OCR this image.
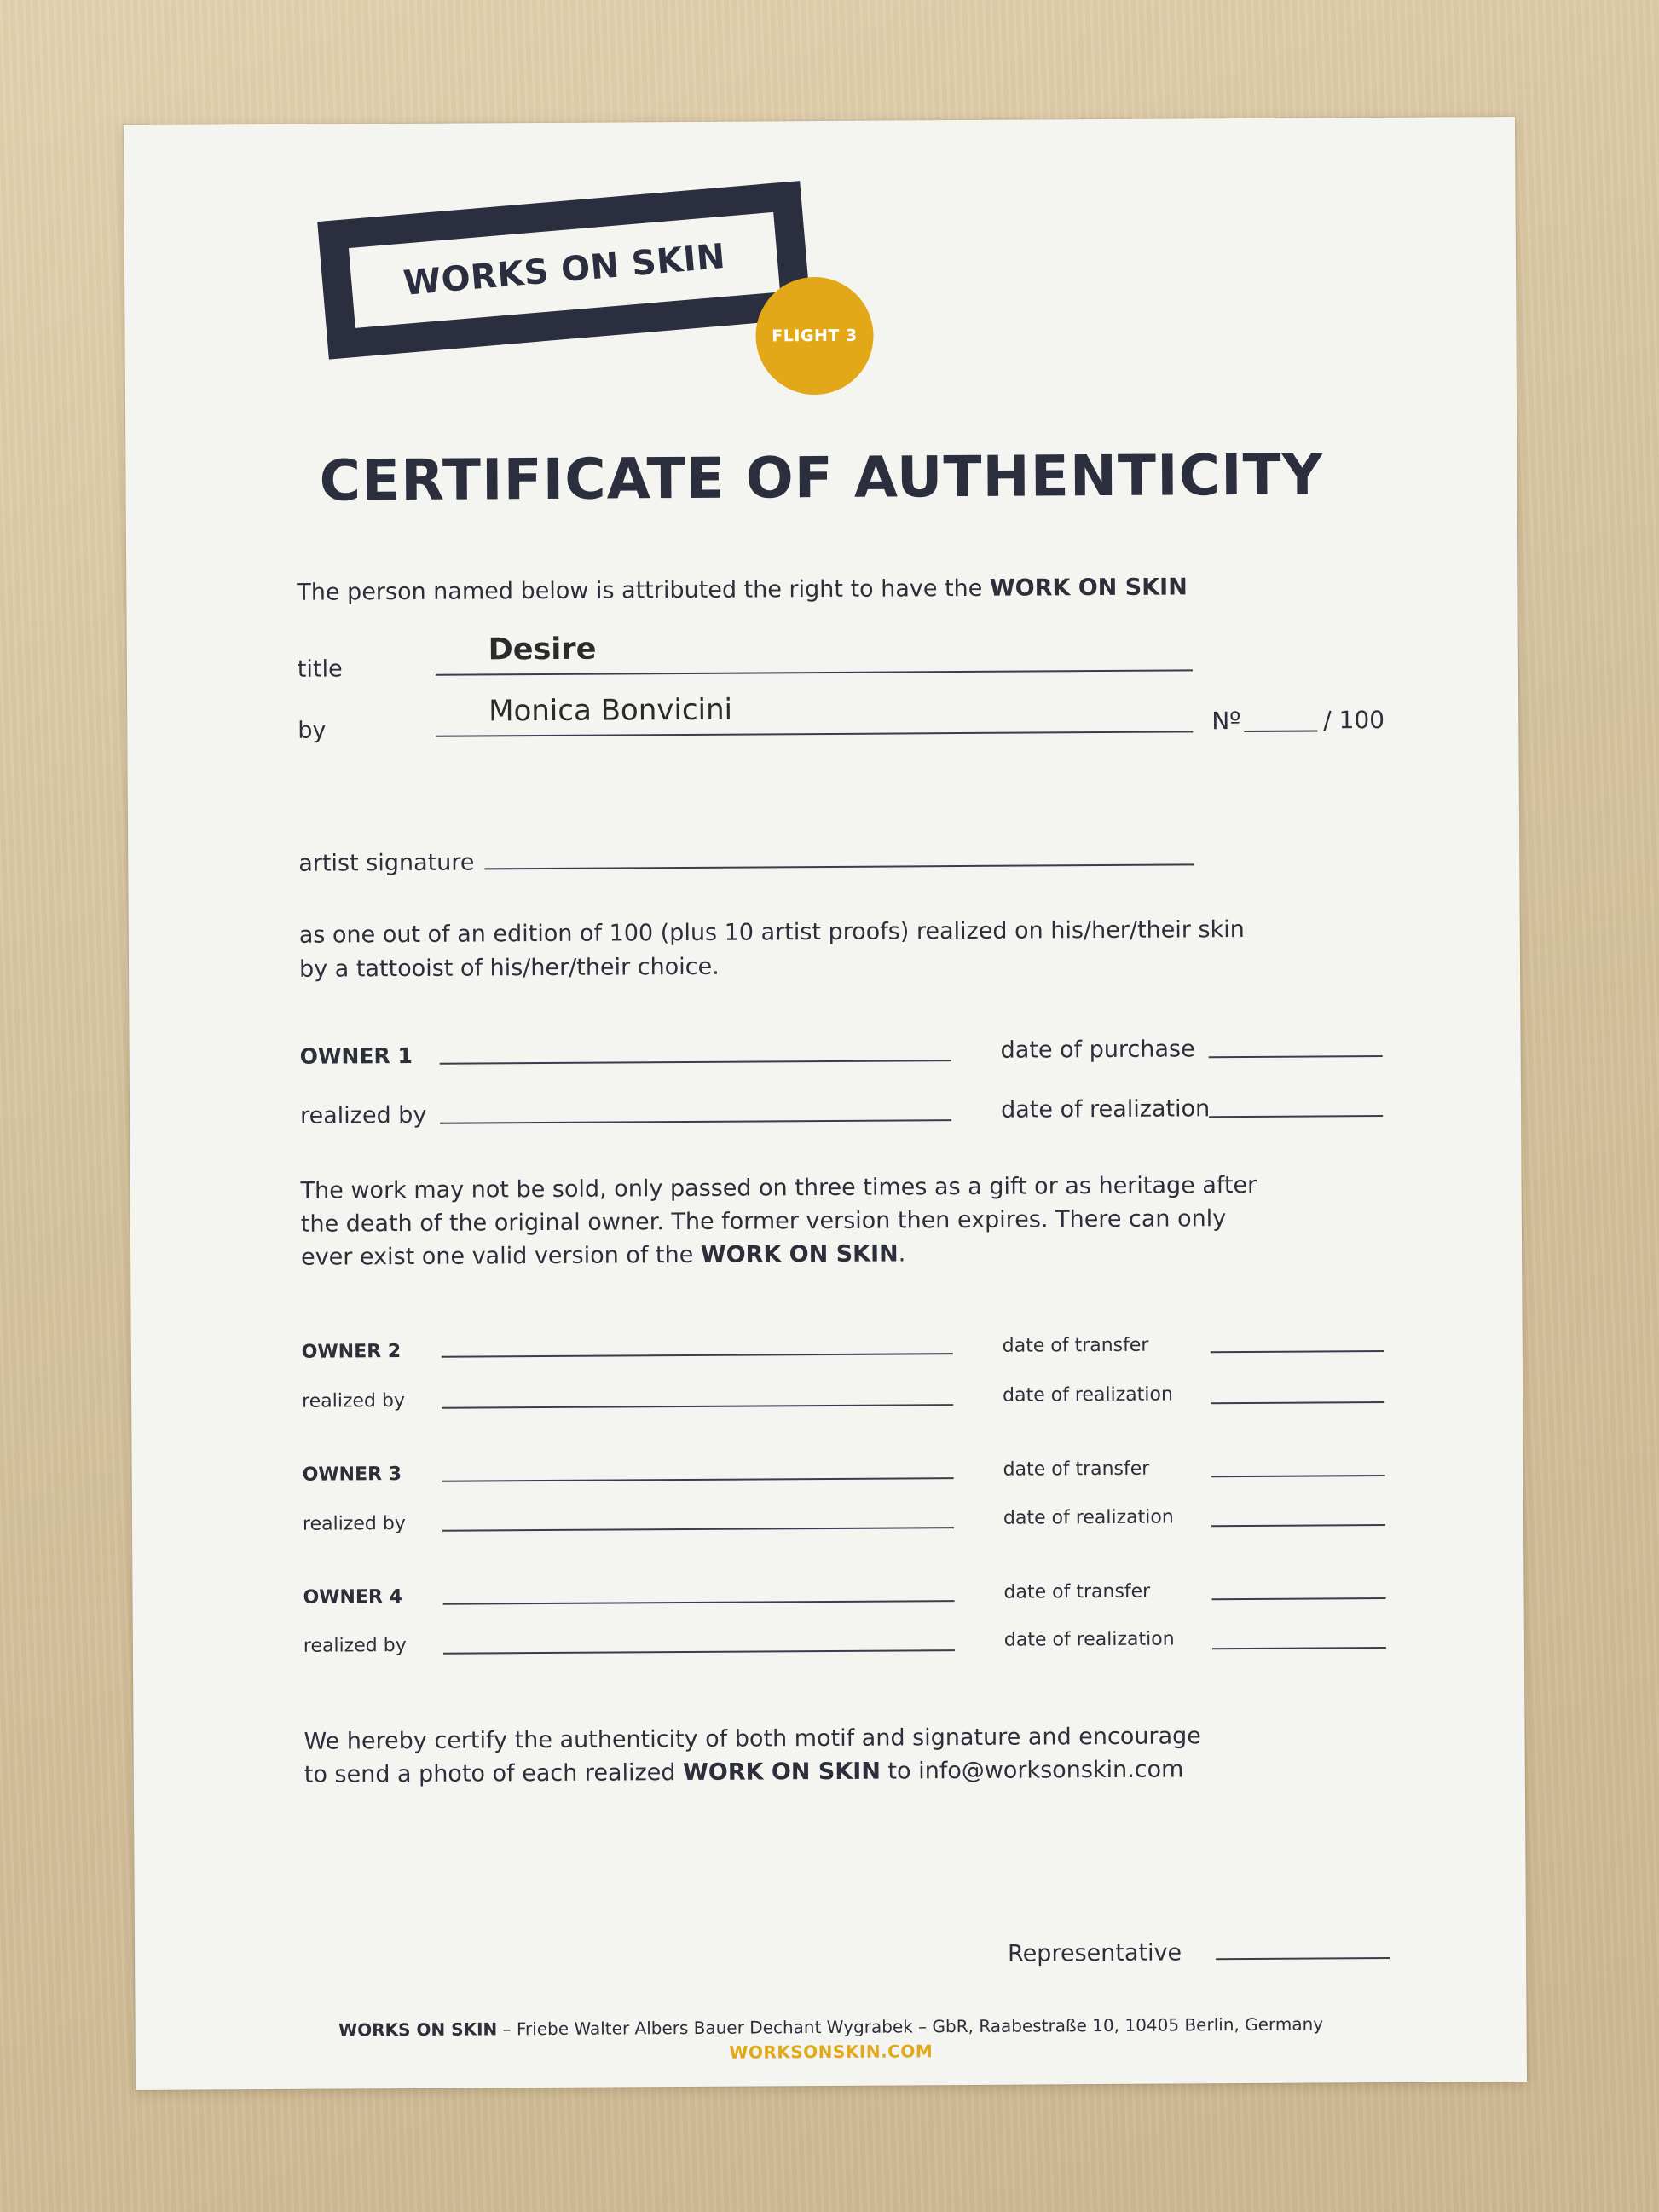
WORKS ON SKIN
FLIGHT 3
CERTIFICATE OF AUTHENTICITY
The person named below is attributed the right to have the WORK ON SKIN
title
Desire
by
Monica Bonvicini	Nº	/ 100
artist signature
as one out of an edition of 100 (plus 10 artist proofs) realized on his/her/their skin
by a tattooist of his/her/their choice.
OWNER 1	date of purchase
realized by	date of realization
The work may not be sold, only passed on three times as a gift or as heritage after
the death of the original owner. The former version then expires. There can only
ever exist one valid version of the WORK ON SKIN.
OWNER 2	date of transfer
realized by	date of realization
OWNER 3	date of transfer
realized by	date of realization
OWNER 4	date of transfer
realized by	date of realization
We hereby certify the authenticity of both motif and signature and encourage
to send a photo of each realized WORK ON SKIN to info@worksonskin.com
Representative
WORKS ON SKIN – Friebe Walter Albers Bauer Dechant Wygrabek – GbR, Raabestraße 10, 10405 Berlin, Germany
WORKSONSKIN.COM
